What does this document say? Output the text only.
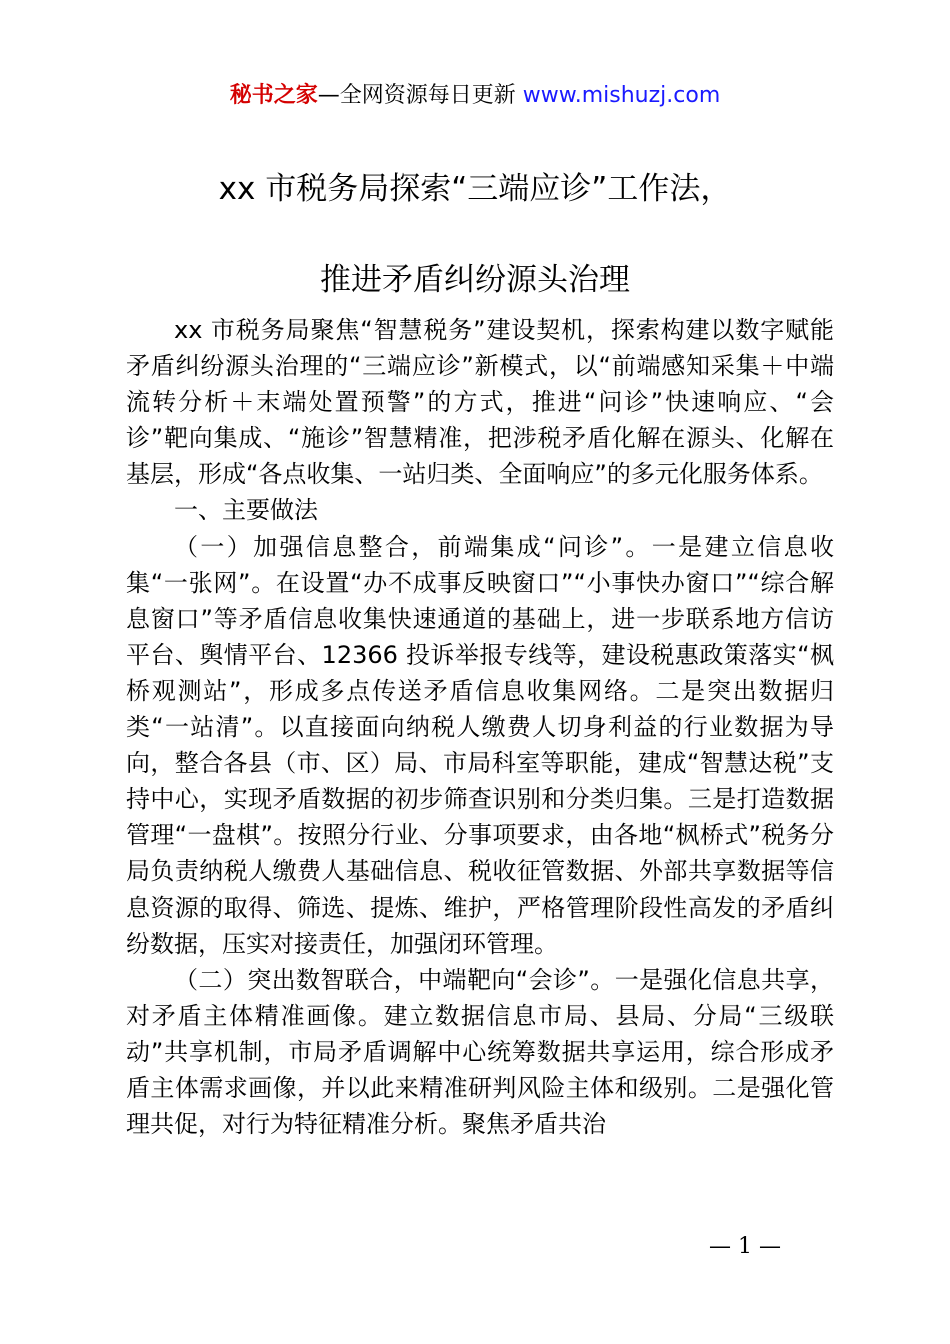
秘书之家—全网资源每日更新 www.mishuzj.com
xx 市税务局探索“三端应诊”工作法，
推进矛盾纠纷源头治理

xx 市税务局聚焦“智慧税务”建设契机，探索构建以数字赋能矛盾纠纷源头治理的“三端应诊”新模式，以“前端感知采集＋中端流转分析＋末端处置预警”的方式，推进“问诊”快速响应、“会诊”靶向集成、“施诊”智慧精准，把涉税矛盾化解在源头、化解在基层，形成“各点收集、一站归类、全面响应”的多元化服务体系。

一、主要做法

（一）加强信息整合，前端集成“问诊”。一是建立信息收集“一张网”。在设置“办不成事反映窗口”“小事快办窗口”“综合解息窗口”等矛盾信息收集快速通道的基础上，进一步联系地方信访平台、舆情平台、12366 投诉举报专线等，建设税惠政策落实“枫桥观测站”，形成多点传送矛盾信息收集网络。二是突出数据归类“一站清”。以直接面向纳税人缴费人切身利益的行业数据为导向，整合各县（市、区）局、市局科室等职能，建成“智慧达税”支持中心，实现矛盾数据的初步筛查识别和分类归集。三是打造数据管理“一盘棋”。按照分行业、分事项要求，由各地“枫桥式”税务分局负责纳税人缴费人基础信息、税收征管数据、外部共享数据等信息资源的取得、筛选、提炼、维护，严格管理阶段性高发的矛盾纠纷数据，压实对接责任，加强闭环管理。

（二）突出数智联合，中端靶向“会诊”。一是强化信息共享，对矛盾主体精准画像。建立数据信息市局、县局、分局“三级联动”共享机制，市局矛盾调解中心统筹数据共享运用，综合形成矛盾主体需求画像，并以此来精准研判风险主体和级别。二是强化管理共促，对行为特征精准分析。聚焦矛盾共治

— 1 —
